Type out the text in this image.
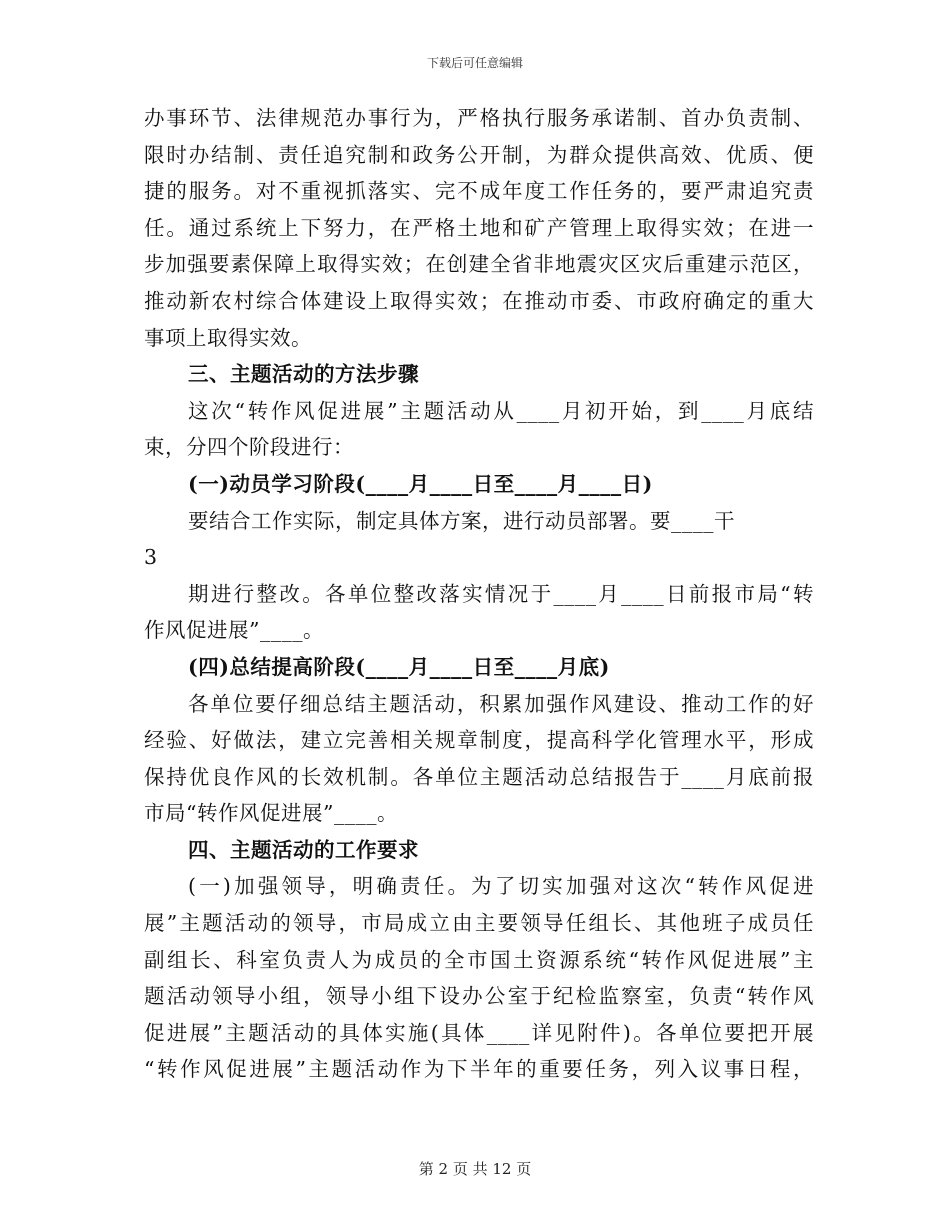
下载后可任意编辑
办事环节、法律规范办事行为，严格执行服务承诺制、首办负责制、
限时办结制、责任追究制和政务公开制，为群众提供高效、优质、便
捷的服务。对不重视抓落实、完不成年度工作任务的，要严肃追究责
任。通过系统上下努力，在严格土地和矿产管理上取得实效；在进一
步加强要素保障上取得实效；在创建全省非地震灾区灾后重建示范区，
推动新农村综合体建设上取得实效；在推动市委、市政府确定的重大
事项上取得实效。
三、主题活动的方法步骤
这次“转作风促进展”主题活动从____月初开始，到____月底结
束，分四个阶段进行：
(一)动员学习阶段(____月____日至____月____日)
要结合工作实际，制定具体方案，进行动员部署。要____干
3
期进行整改。各单位整改落实情况于____月____日前报市局“转
作风促进展”____。
(四)总结提高阶段(____月____日至____月底)
各单位要仔细总结主题活动，积累加强作风建设、推动工作的好
经验、好做法，建立完善相关规章制度，提高科学化管理水平，形成
保持优良作风的长效机制。各单位主题活动总结报告于____月底前报
市局“转作风促进展”____。
四、主题活动的工作要求
(一)加强领导，明确责任。为了切实加强对这次“转作风促进
展”主题活动的领导，市局成立由主要领导任组长、其他班子成员任
副组长、科室负责人为成员的全市国土资源系统“转作风促进展”主
题活动领导小组，领导小组下设办公室于纪检监察室，负责“转作风
促进展”主题活动的具体实施(具体____详见附件)。各单位要把开展
“转作风促进展”主题活动作为下半年的重要任务，列入议事日程，
第 2 页 共 12 页
